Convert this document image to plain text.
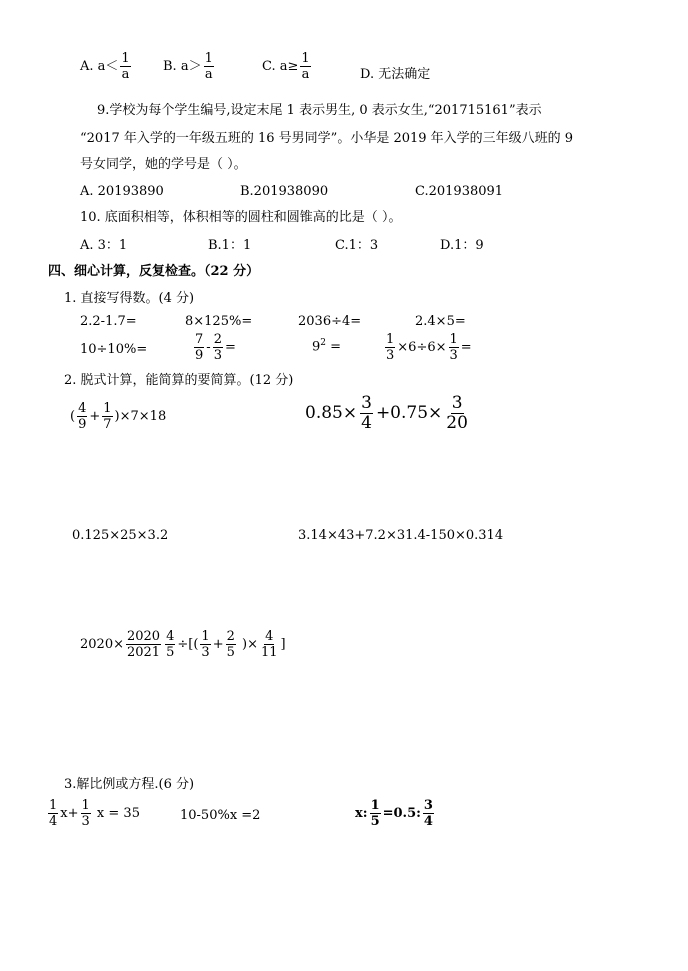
A. $a< \frac{1}{a} B$. $a> \frac{1}{a}$	C. $a\ge \frac{1}{a}$	D. 无法确定
9.学校为每个学生编号,设定末尾 1 表示男生, 0 表示女生,“201715161”表示
“2017 年入学的一年级五班的 16 号男同学”。小华是 2019 年入学的三年级八班的 9
号女同学，她的学号是（ ）。
A. 20193890	B.201938090	C.201938091
10. 底面积相等，体积相等的圆柱和圆锥高的比是（ ）。
A. 3：1	B.1：1	C.1：3	D.1：9
四、细心计算，反复检查。（22 分）
1. 直接写得数。(4 分)
2.2-1.7=	8×125%=	2036÷4=	2.4×5=
10÷10%=	$\frac{7}{9} - \frac{2}{3}$ =	$9^2$ =	$\frac{1}{3} \times 6\div 6\times \frac{1}{3}$ =
2. 脱式计算，能简算的要简算。(12 分)
( $\frac{4}{9} + \frac{1}{7} )\times 7\times 18$	$0.85\times \frac{3}{4} +0.75\times \frac{3}{20}$
0.125×25×3.2	3.14×43+7.2×31.4-150×0.314
$2020\times \frac{2020}{2021} \frac{4}{5}$ ÷[( $\frac{1}{3} + \frac{2}{5}$ )× $\frac{4}{11}$ ]
3.解比例或方程.(6 分)
$\frac{1}{4} x+ \frac{1}{3}$ x = 35	10-50%x =2	x: $\frac{1}{5} =0.5$: $\frac{3}{4}$
